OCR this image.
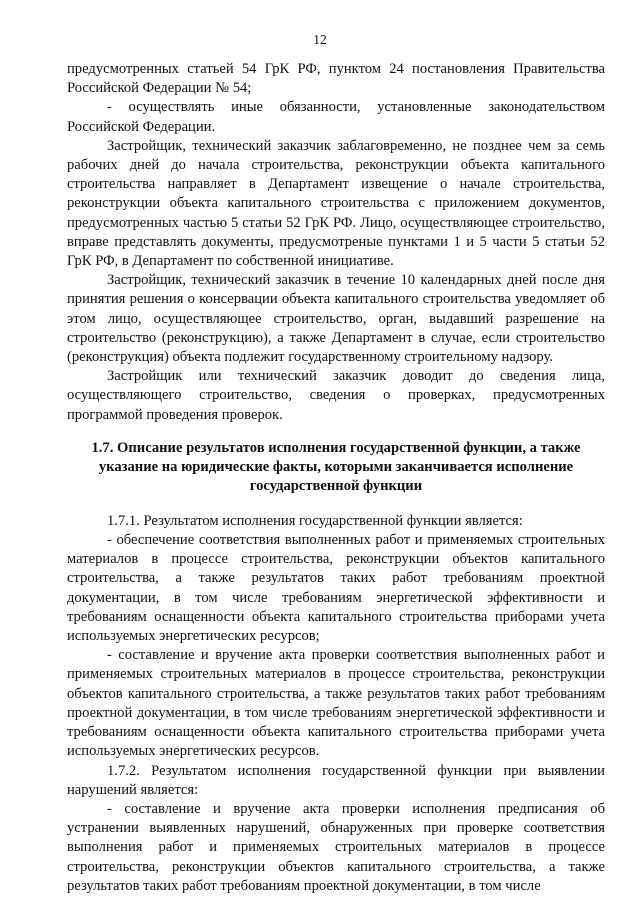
12

предусмотренных статьей 54 ГрК РФ, пунктом 24 постановления Правительства Российской Федерации № 54;

- осуществлять иные обязанности, установленные законодательством Российской Федерации.

Застройщик, технический заказчик заблаговременно, не позднее чем за семь рабочих дней до начала строительства, реконструкции объекта капитального строительства направляет в Департамент извещение о начале строительства, реконструкции объекта капитального строительства с приложением документов, предусмотренных частью 5 статьи 52 ГрК РФ. Лицо, осуществляющее строительство, вправе представлять документы, предусмотреные пунктами 1 и 5 части 5 статьи 52 ГрК РФ, в Департамент по собственной инициативе.

Застройщик, технический заказчик в течение 10 календарных дней после дня принятия решения о консервации объекта капитального строительства уведомляет об этом лицо, осуществляющее строительство, орган, выдавший разрешение на строительство (реконструкцию), а также Департамент в случае, если строительство (реконструкция) объекта подлежит государственному строительному надзору.

Застройщик или технический заказчик доводит до сведения лица, осуществляющего строительство, сведения о проверках, предусмотренных программой проведения проверок.

1.7. Описание результатов исполнения государственной функции, а также указание на юридические факты, которыми заканчивается исполнение государственной функции

1.7.1. Результатом исполнения государственной функции является:

- обеспечение соответствия выполненных работ и применяемых строительных материалов в процессе строительства, реконструкции объектов капитального строительства, а также результатов таких работ требованиям проектной документации, в том числе требованиям энергетической эффективности и требованиям оснащенности объекта капитального строительства приборами учета используемых энергетических ресурсов;

- составление и вручение акта проверки соответствия выполненных работ и применяемых строительных материалов в процессе строительства, реконструкции объектов капитального строительства, а также результатов таких работ требованиям проектной документации, в том числе требованиям энергетической эффективности и требованиям оснащенности объекта капитального строительства приборами учета используемых энергетических ресурсов.

1.7.2. Результатом исполнения государственной функции при выявлении нарушений является:

- составление и вручение акта проверки исполнения предписания об устранении выявленных нарушений, обнаруженных при проверке соответствия выполнения работ и применяемых строительных материалов в процессе строительства, реконструкции объектов капитального строительства, а также результатов таких работ требованиям проектной документации, в том числе
